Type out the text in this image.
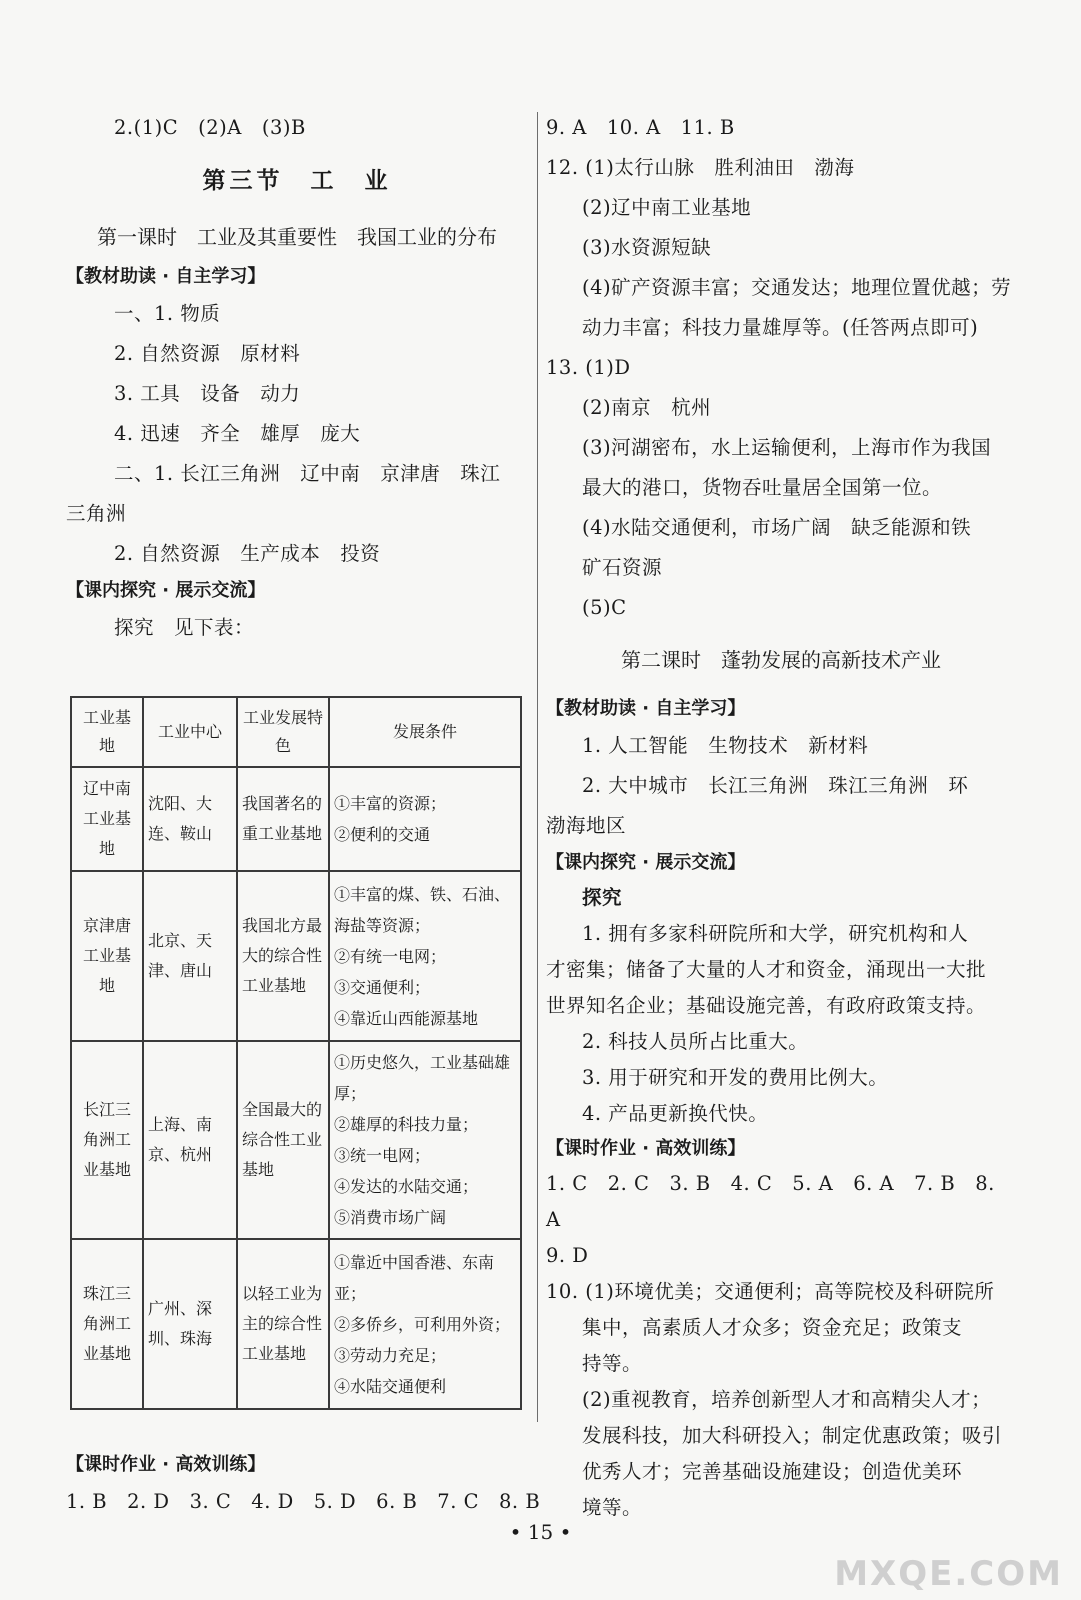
2.(1)C　(2)A　(3)B
第三节　工　业
第一课时　工业及其重要性　我国工业的分布
【教材助读 · 自主学习】
一、1. 物质
2. 自然资源　原材料
3. 工具　设备　动力
4. 迅速　齐全　雄厚　庞大
二、1. 长江三角洲　辽中南　京津唐　珠江
三角洲
2. 自然资源　生产成本　投资
【课内探究 · 展示交流】
探究　见下表：
工业基地	工业中心	工业发展特色	发展条件
辽中南工业基地	沈阳、大连、鞍山	我国著名的重工业基地	①丰富的资源；
②便利的交通

京津唐工业基地	北京、天津、唐山	我国北方最大的综合性工业基地	①丰富的煤、铁、石油、海盐等资源；
②有统一电网；
③交通便利；
④靠近山西能源基地

长江三角洲工业基地	上海、南京、杭州	全国最大的综合性工业基地	①历史悠久，工业基础雄厚；
②雄厚的科技力量；
③统一电网；
④发达的水陆交通；
⑤消费市场广阔

珠江三角洲工业基地	广州、深圳、珠海	以轻工业为主的综合性工业基地	①靠近中国香港、东南亚；
②多侨乡，可利用外资；
③劳动力充足；
④水陆交通便利
【课时作业 · 高效训练】
1. B　2. D　3. C　4. D　5. D　6. B　7. C　8. B
9. A　10. A　11. B
12. (1)太行山脉　胜利油田　渤海
(2)辽中南工业基地
(3)水资源短缺
(4)矿产资源丰富；交通发达；地理位置优越；劳
动力丰富；科技力量雄厚等。(任答两点即可)
13. (1)D
(2)南京　杭州
(3)河湖密布，水上运输便利，上海市作为我国
最大的港口，货物吞吐量居全国第一位。
(4)水陆交通便利，市场广阔　缺乏能源和铁
矿石资源
(5)C
第二课时　蓬勃发展的高新技术产业
【教材助读 · 自主学习】
1. 人工智能　生物技术　新材料
2. 大中城市　长江三角洲　珠江三角洲　环
渤海地区
【课内探究 · 展示交流】
探究
1. 拥有多家科研院所和大学，研究机构和人
才密集；储备了大量的人才和资金，涌现出一大批
世界知名企业；基础设施完善，有政府政策支持。
2. 科技人员所占比重大。
3. 用于研究和开发的费用比例大。
4. 产品更新换代快。
【课时作业 · 高效训练】
1. C　2. C　3. B　4. C　5. A　6. A　7. B　8. A
9. D
10. (1)环境优美；交通便利；高等院校及科研院所
集中，高素质人才众多；资金充足；政策支
持等。
(2)重视教育，培养创新型人才和高精尖人才；
发展科技，加大科研投入；制定优惠政策；吸引
优秀人才；完善基础设施建设；创造优美环
境等。
• 15 •
MXQE.COM
